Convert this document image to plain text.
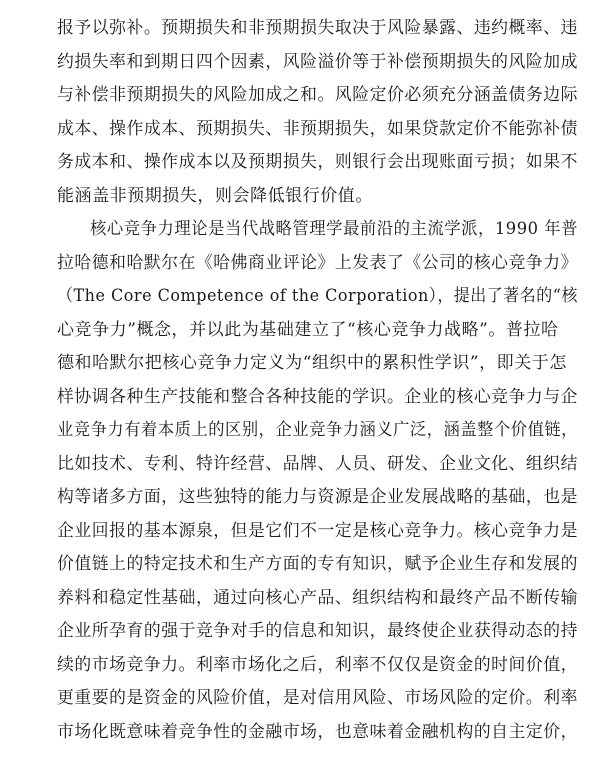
报予以弥补。预期损失和非预期损失取决于风险暴露、违约概率、违
约损失率和到期日四个因素，风险溢价等于补偿预期损失的风险加成
与补偿非预期损失的风险加成之和。风险定价必须充分涵盖债务边际
成本、操作成本、预期损失、非预期损失，如果贷款定价不能弥补债
务成本和、操作成本以及预期损失，则银行会出现账面亏损；如果不
能涵盖非预期损失，则会降低银行价值。
核心竞争力理论是当代战略管理学最前沿的主流学派，1990 年普
拉哈德和哈默尔在《哈佛商业评论》上发表了《公司的核心竞争力》
（The Core Competence of the Corporation），提出了著名的“核
心竞争力”概念，并以此为基础建立了“核心竞争力战略”。普拉哈
德和哈默尔把核心竞争力定义为“组织中的累积性学识”，即关于怎
样协调各种生产技能和整合各种技能的学识。企业的核心竞争力与企
业竞争力有着本质上的区别，企业竞争力涵义广泛，涵盖整个价值链，
比如技术、专利、特许经营、品牌、人员、研发、企业文化、组织结
构等诸多方面，这些独特的能力与资源是企业发展战略的基础，也是
企业回报的基本源泉，但是它们不一定是核心竞争力。核心竞争力是
价值链上的特定技术和生产方面的专有知识，赋予企业生存和发展的
养料和稳定性基础，通过向核心产品、组织结构和最终产品不断传输
企业所孕育的强于竞争对手的信息和知识，最终使企业获得动态的持
续的市场竞争力。利率市场化之后，利率不仅仅是资金的时间价值，
更重要的是资金的风险价值，是对信用风险、市场风险的定价。利率
市场化既意味着竞争性的金融市场，也意味着金融机构的自主定价，
